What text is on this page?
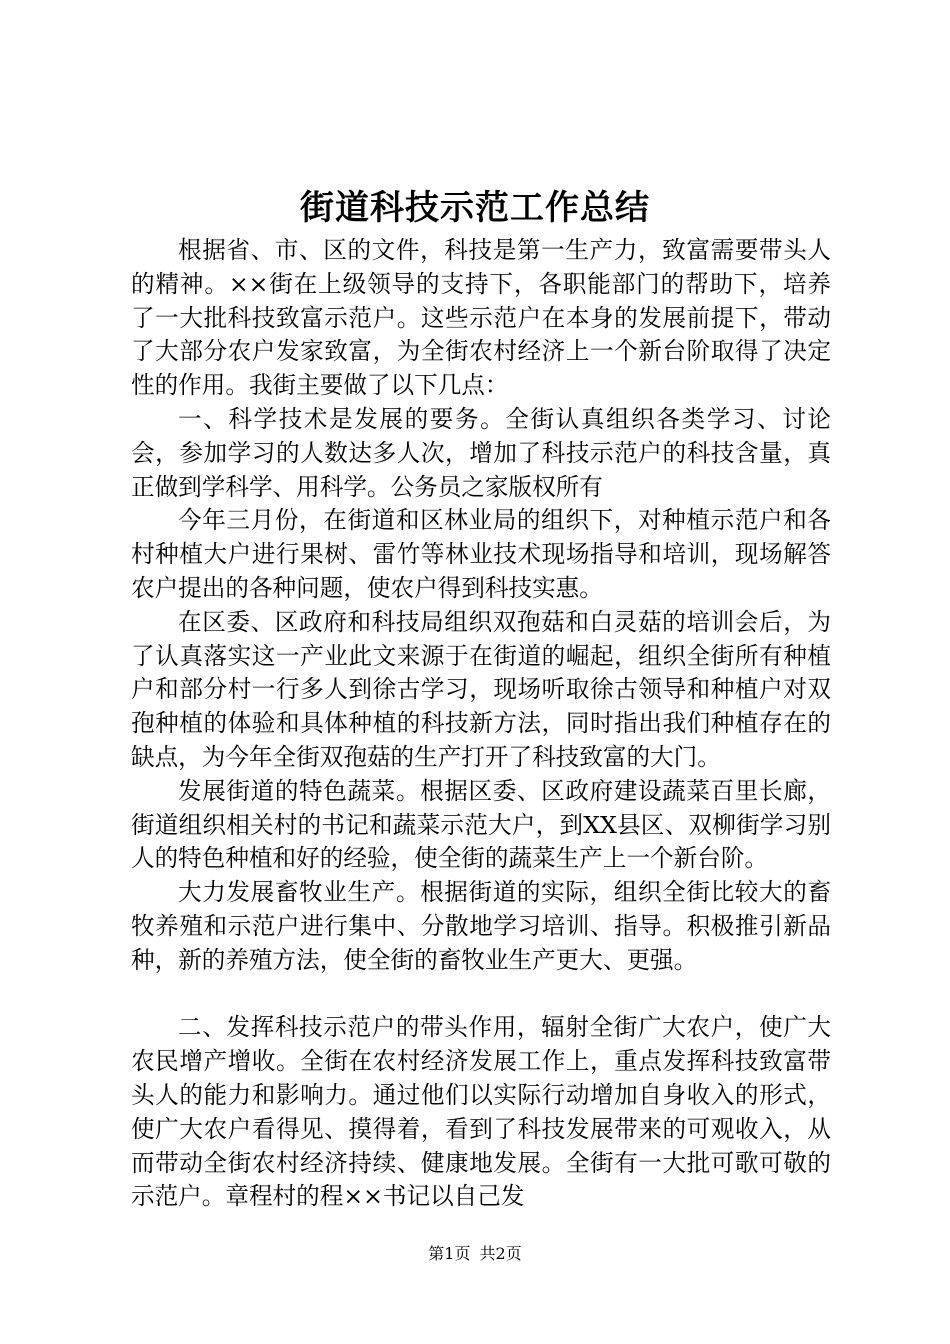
街道科技示范工作总结

根据省、市、区的文件，科技是第一生产力，致富需要带头人的精神。××街在上级领导的支持下，各职能部门的帮助下，培养了一大批科技致富示范户。这些示范户在本身的发展前提下，带动了大部分农户发家致富，为全街农村经济上一个新台阶取得了决定性的作用。我街主要做了以下几点：

一、科学技术是发展的要务。全街认真组织各类学习、讨论会，参加学习的人数达多人次，增加了科技示范户的科技含量，真正做到学科学、用科学。公务员之家版权所有

今年三月份，在街道和区林业局的组织下，对种植示范户和各村种植大户进行果树、雷竹等林业技术现场指导和培训，现场解答农户提出的各种问题，使农户得到科技实惠。

在区委、区政府和科技局组织双孢菇和白灵菇的培训会后，为了认真落实这一产业此文来源于在街道的崛起，组织全街所有种植户和部分村一行多人到徐古学习，现场听取徐古领导和种植户对双孢种植的体验和具体种植的科技新方法，同时指出我们种植存在的缺点，为今年全街双孢菇的生产打开了科技致富的大门。

发展街道的特色蔬菜。根据区委、区政府建设蔬菜百里长廊，街道组织相关村的书记和蔬菜示范大户，到XX县区、双柳街学习别人的特色种植和好的经验，使全街的蔬菜生产上一个新台阶。

大力发展畜牧业生产。根据街道的实际，组织全街比较大的畜牧养殖和示范户进行集中、分散地学习培训、指导。积极推引新品种，新的养殖方法，使全街的畜牧业生产更大、更强。

二、发挥科技示范户的带头作用，辐射全街广大农户，使广大农民增产增收。全街在农村经济发展工作上，重点发挥科技致富带头人的能力和影响力。通过他们以实际行动增加自身收入的形式，使广大农户看得见、摸得着，看到了科技发展带来的可观收入，从而带动全街农村经济持续、健康地发展。全街有一大批可歌可敬的示范户。章程村的程××书记以自己发

第1页 共2页
